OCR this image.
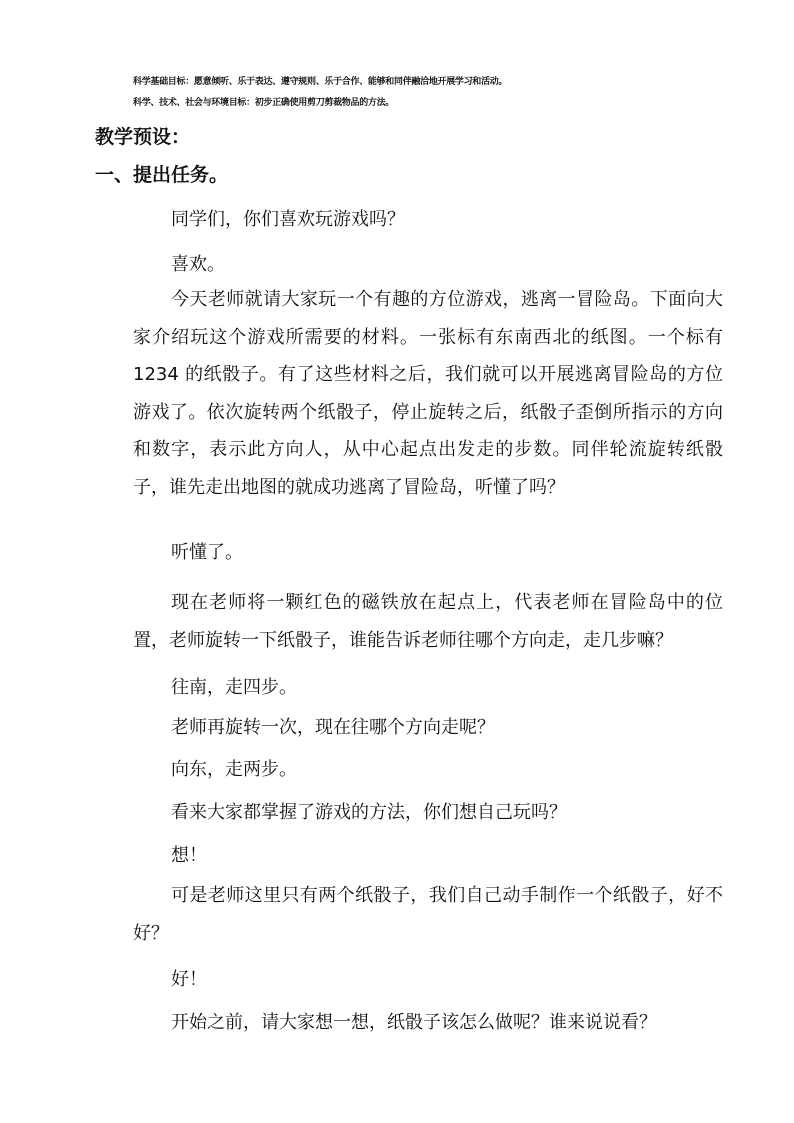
科学基础目标：愿意倾听、乐于表达、遵守规则、乐于合作、能够和同伴融洽地开展学习和活动。
科学、技术、社会与环境目标：初步正确使用剪刀剪裁物品的方法。
教学预设：
一、提出任务。
同学们，你们喜欢玩游戏吗？
喜欢。
今天老师就请大家玩一个有趣的方位游戏，逃离一冒险岛。下面向大家介绍玩这个游戏所需要的材料。一张标有东南西北的纸图。一个标有 1234 的纸骰子。有了这些材料之后，我们就可以开展逃离冒险岛的方位游戏了。依次旋转两个纸骰子，停止旋转之后，纸骰子歪倒所指示的方向和数字，表示此方向人，从中心起点出发走的步数。同伴轮流旋转纸骰子，谁先走出地图的就成功逃离了冒险岛，听懂了吗？
听懂了。
现在老师将一颗红色的磁铁放在起点上，代表老师在冒险岛中的位置，老师旋转一下纸骰子，谁能告诉老师往哪个方向走，走几步嘛？
往南，走四步。
老师再旋转一次，现在往哪个方向走呢？
向东，走两步。
看来大家都掌握了游戏的方法，你们想自己玩吗？
想！
可是老师这里只有两个纸骰子，我们自己动手制作一个纸骰子，好不好？
好！
开始之前，请大家想一想，纸骰子该怎么做呢？谁来说说看？
